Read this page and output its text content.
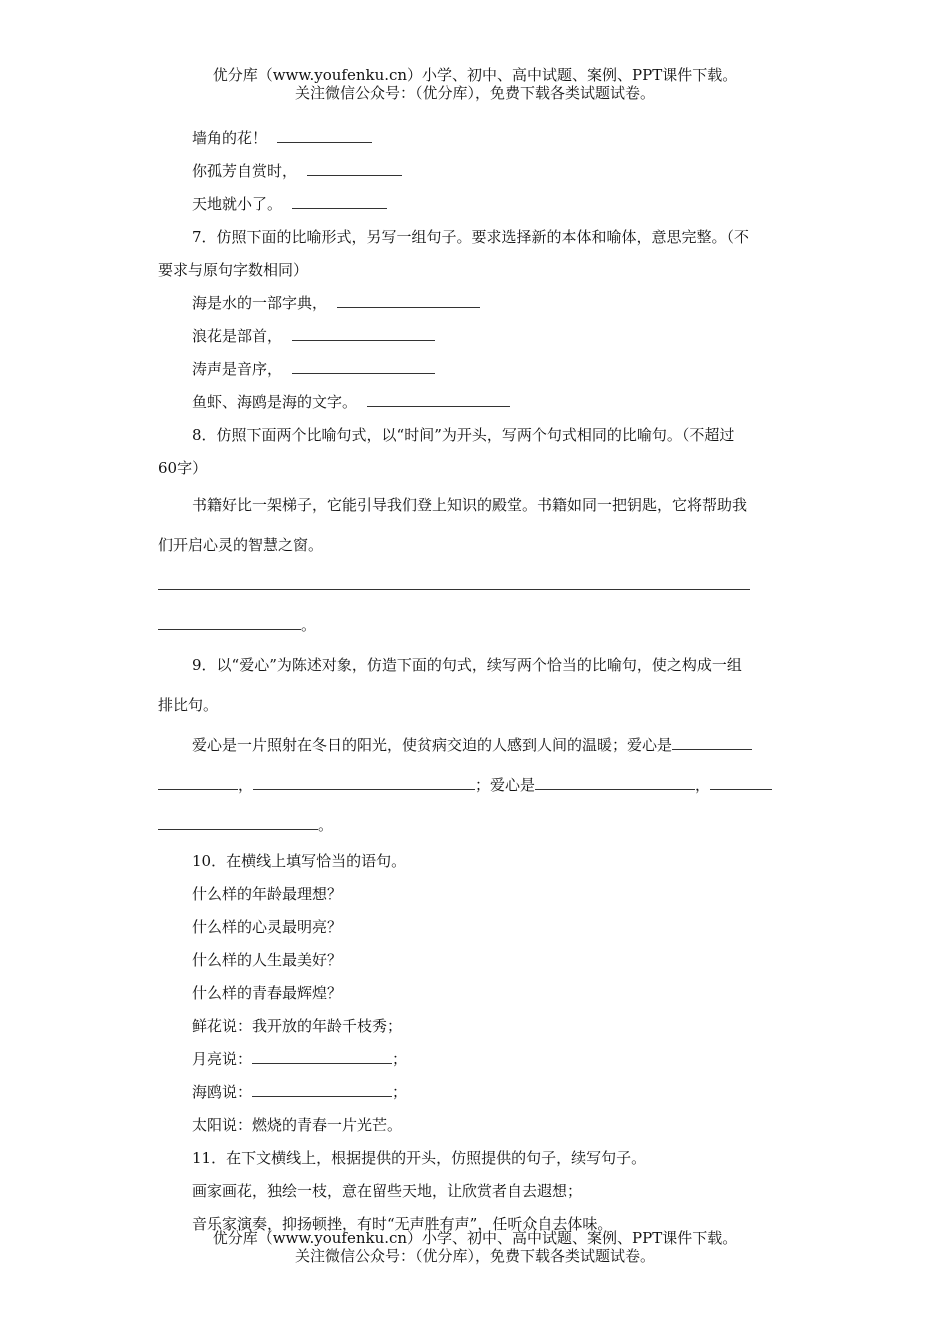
优分库（www.youfenku.cn）小学、初中、高中试题、案例、PPT课件下载。
关注微信公众号：（优分库），免费下载各类试题试卷。
墙角的花！
你孤芳自赏时，
天地就小了。
7．仿照下面的比喻形式，另写一组句子。要求选择新的本体和喻体，意思完整。（不
要求与原句字数相同）
海是水的一部字典，
浪花是部首，
涛声是音序，
鱼虾、海鸥是海的文字。
8．仿照下面两个比喻句式，以“时间”为开头，写两个句式相同的比喻句。（不超过
60字）
书籍好比一架梯子，它能引导我们登上知识的殿堂。书籍如同一把钥匙，它将帮助我
们开启心灵的智慧之窗。
。
9．以“爱心”为陈述对象，仿造下面的句式，续写两个恰当的比喻句，使之构成一组
排比句。
爱心是一片照射在冬日的阳光，使贫病交迫的人感到人间的温暖；爱心是
，	；爱心是	，
。
10．在横线上填写恰当的语句。
什么样的年龄最理想？
什么样的心灵最明亮？
什么样的人生最美好？
什么样的青春最辉煌？
鲜花说：我开放的年龄千枝秀；
月亮说：	；
海鸥说：	；
太阳说：燃烧的青春一片光芒。
11．在下文横线上，根据提供的开头，仿照提供的句子，续写句子。
画家画花，独绘一枝，意在留些天地，让欣赏者自去遐想；
音乐家演奏，抑扬顿挫，有时“无声胜有声”，任听众自去体味。
优分库（www.youfenku.cn）小学、初中、高中试题、案例、PPT课件下载。
关注微信公众号：（优分库），免费下载各类试题试卷。
